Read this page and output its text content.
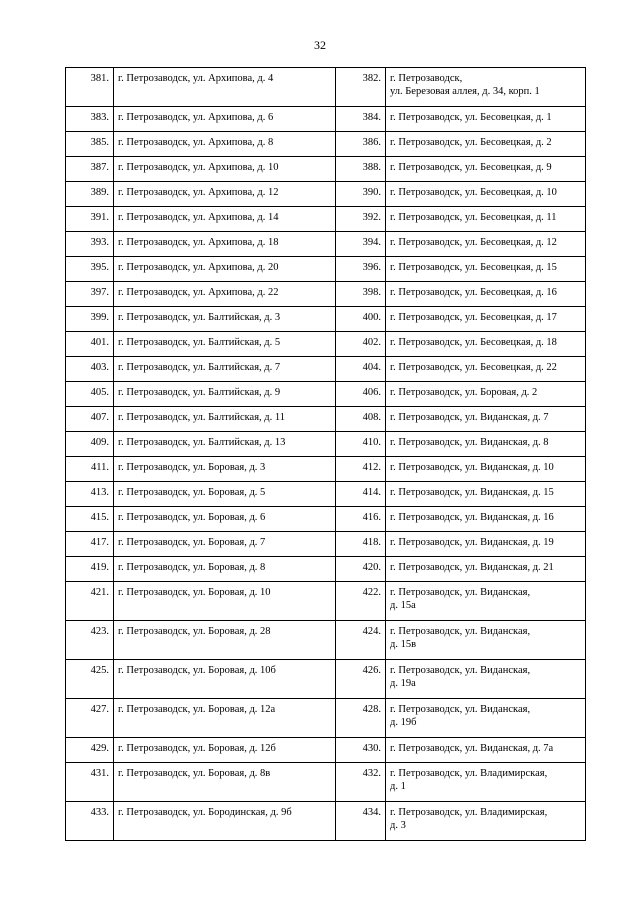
32
381.	г. Петрозаводск, ул. Архипова, д. 4	382.	г. Петрозаводск,
ул. Березовая аллея, д. 34, корп. 1
383.	г. Петрозаводск, ул. Архипова, д. 6	384.	г. Петрозаводск, ул. Бесовецкая, д. 1
385.	г. Петрозаводск, ул. Архипова, д. 8	386.	г. Петрозаводск, ул. Бесовецкая, д. 2
387.	г. Петрозаводск, ул. Архипова, д. 10	388.	г. Петрозаводск, ул. Бесовецкая, д. 9
389.	г. Петрозаводск, ул. Архипова, д. 12	390.	г. Петрозаводск, ул. Бесовецкая, д. 10
391.	г. Петрозаводск, ул. Архипова, д. 14	392.	г. Петрозаводск, ул. Бесовецкая, д. 11
393.	г. Петрозаводск, ул. Архипова, д. 18	394.	г. Петрозаводск, ул. Бесовецкая, д. 12
395.	г. Петрозаводск, ул. Архипова, д. 20	396.	г. Петрозаводск, ул. Бесовецкая, д. 15
397.	г. Петрозаводск, ул. Архипова, д. 22	398.	г. Петрозаводск, ул. Бесовецкая, д. 16
399.	г. Петрозаводск, ул. Балтийская, д. 3	400.	г. Петрозаводск, ул. Бесовецкая, д. 17
401.	г. Петрозаводск, ул. Балтийская, д. 5	402.	г. Петрозаводск, ул. Бесовецкая, д. 18
403.	г. Петрозаводск, ул. Балтийская, д. 7	404.	г. Петрозаводск, ул. Бесовецкая, д. 22
405.	г. Петрозаводск, ул. Балтийская, д. 9	406.	г. Петрозаводск, ул. Боровая, д. 2
407.	г. Петрозаводск, ул. Балтийская, д. 11	408.	г. Петрозаводск, ул. Виданская, д. 7
409.	г. Петрозаводск, ул. Балтийская, д. 13	410.	г. Петрозаводск, ул. Виданская, д. 8
411.	г. Петрозаводск, ул. Боровая, д. 3	412.	г. Петрозаводск, ул. Виданская, д. 10
413.	г. Петрозаводск, ул. Боровая, д. 5	414.	г. Петрозаводск, ул. Виданская, д. 15
415.	г. Петрозаводск, ул. Боровая, д. 6	416.	г. Петрозаводск, ул. Виданская, д. 16
417.	г. Петрозаводск, ул. Боровая, д. 7	418.	г. Петрозаводск, ул. Виданская, д. 19
419.	г. Петрозаводск, ул. Боровая, д. 8	420.	г. Петрозаводск, ул. Виданская, д. 21
421.	г. Петрозаводск, ул. Боровая, д. 10	422.	г. Петрозаводск, ул. Виданская,
д. 15а
423.	г. Петрозаводск, ул. Боровая, д. 28	424.	г. Петрозаводск, ул. Виданская,
д. 15в
425.	г. Петрозаводск, ул. Боровая, д. 10б	426.	г. Петрозаводск, ул. Виданская,
д. 19а
427.	г. Петрозаводск, ул. Боровая, д. 12а	428.	г. Петрозаводск, ул. Виданская,
д. 19б
429.	г. Петрозаводск, ул. Боровая, д. 12б	430.	г. Петрозаводск, ул. Виданская, д. 7а
431.	г. Петрозаводск, ул. Боровая, д. 8в	432.	г. Петрозаводск, ул. Владимирская,
д. 1
433.	г. Петрозаводск, ул. Бородинская, д. 9б	434.	г. Петрозаводск, ул. Владимирская,
д. 3
